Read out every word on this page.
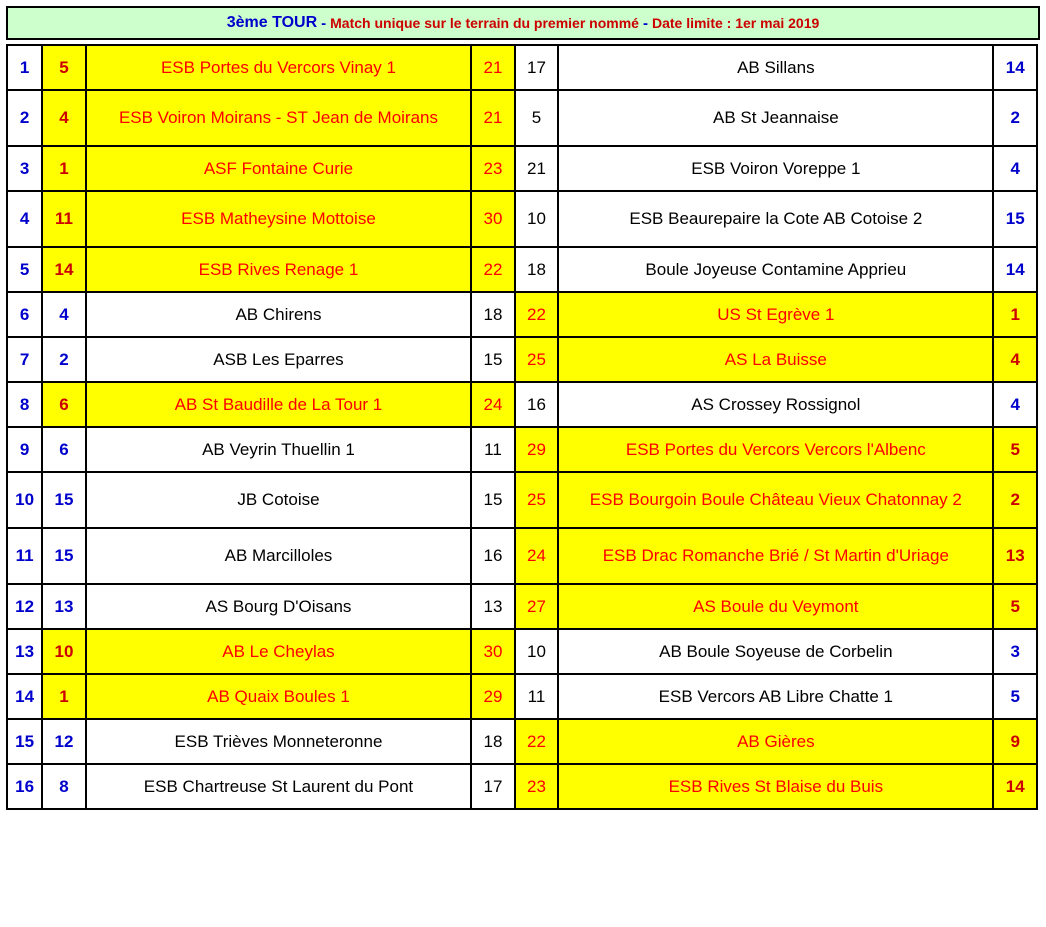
3ème TOUR - Match unique sur le terrain du premier nommé - Date limite : 1er mai 2019
1	5	ESB Portes du Vercors Vinay 1	21	17	AB Sillans	14
2	4	ESB Voiron Moirans - ST Jean de Moirans	21	5	AB St Jeannaise	2
3	1	ASF Fontaine Curie	23	21	ESB Voiron Voreppe 1	4
4	11	ESB Matheysine Mottoise	30	10	ESB Beaurepaire la Cote AB Cotoise 2	15
5	14	ESB Rives Renage 1	22	18	Boule Joyeuse Contamine Apprieu	14
6	4	AB Chirens	18	22	US St Egrève 1	1
7	2	ASB Les Eparres	15	25	AS La Buisse	4
8	6	AB St Baudille de La Tour 1	24	16	AS Crossey Rossignol	4
9	6	AB Veyrin Thuellin 1	11	29	ESB Portes du Vercors Vercors l'Albenc	5
10	15	JB Cotoise	15	25	ESB Bourgoin Boule Château Vieux Chatonnay 2	2
11	15	AB Marcilloles	16	24	ESB Drac Romanche Brié / St Martin d'Uriage	13
12	13	AS Bourg D'Oisans	13	27	AS Boule du Veymont	5
13	10	AB Le Cheylas	30	10	AB Boule Soyeuse de Corbelin	3
14	1	AB Quaix Boules 1	29	11	ESB Vercors AB Libre Chatte 1	5
15	12	ESB Trièves Monneteronne	18	22	AB Gières	9
16	8	ESB Chartreuse St Laurent du Pont	17	23	ESB Rives St Blaise du Buis	14
